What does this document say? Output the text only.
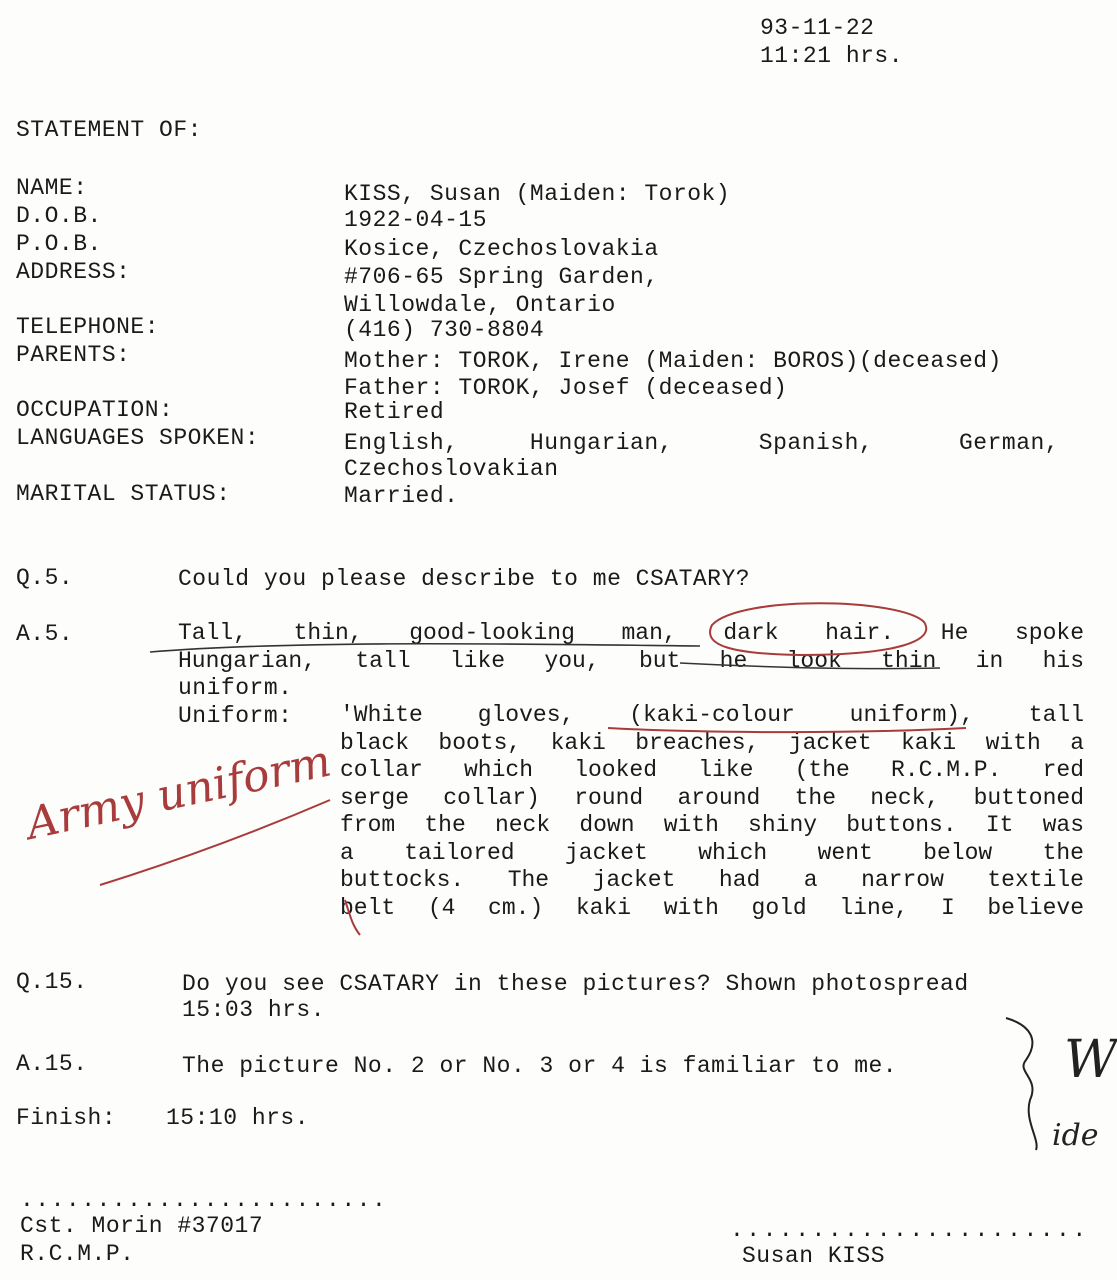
93-11-22
11:21 hrs.
STATEMENT OF:
NAME:	KISS, Susan (Maiden: Torok)
D.O.B.	1922-04-15
P.O.B.	Kosice, Czechoslovakia
ADDRESS:	#706-65 Spring Garden,
Willowdale, Ontario
TELEPHONE:	(416) 730-8804
PARENTS:	Mother: TOROK, Irene (Maiden: BOROS)(deceased)
Father: TOROK, Josef (deceased)
OCCUPATION:	Retired
LANGUAGES SPOKEN:	English,     Hungarian,      Spanish,      German,
Czechoslovakian
MARITAL STATUS:	Married.
Q.5.	Could you please describe to me CSATARY?
A.5.	Tall, thin, good-looking man, dark hair. He spoke
Hungarian, tall like you, but he look thin in his
uniform.
Uniform: 'White gloves, (kaki-colour uniform), tall
black boots, kaki breaches, jacket kaki with a
collar which looked like (the R.C.M.P. red
serge collar) round around the neck, buttoned
from the neck down with shiny buttons. It was
a tailored jacket which went below the
buttocks. The jacket had a narrow textile
belt (4 cm.) kaki with gold line, I believe
Army uniform
Q.15.	Do you see CSATARY in these pictures? Shown photospread
15:03 hrs.
A.15.	The picture No. 2 or No. 3 or 4 is familiar to me.	W
ide
Finish: 15:10 hrs.
........................
Cst. Morin #37017
R.C.M.P.
......................
Susan KISS
